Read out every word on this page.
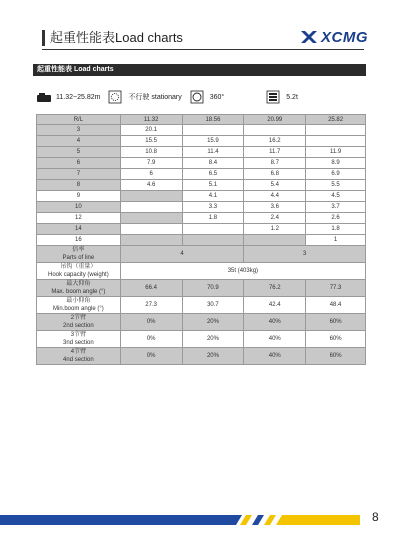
起重性能表Load charts	XCMG
起重性能表 Load charts
11.32~25.82m	不行驶 stationary	360°	5.2t
R/L	11.32	18.56	20.99	25.82
3	20.1			
4	15.5	15.9	16.2	
5	10.8	11.4	11.7	11.9
6	7.9	8.4	8.7	8.9
7	6	6.5	6.8	6.9
8	4.6	5.1	5.4	5.5
9		4.1	4.4	4.5
10		3.3	3.6	3.7
12		1.8	2.4	2.6
14			1.2	1.8
16				1

倍率
Parts of line	4		3	

吊钩（重量）
Hook capacity (weight)	35t (403kg)			

最大仰角
Max. boom angle (°)	66.4	70.9	76.2	77.3

最小仰角
Min.boom angle (°)	27.3	30.7	42.4	48.4

2节臂
2nd section	0%	20%	40%	60%

3节臂
3nd section	0%	20%	40%	60%

4节臂
4nd section	0%	20%	40%	60%
8
